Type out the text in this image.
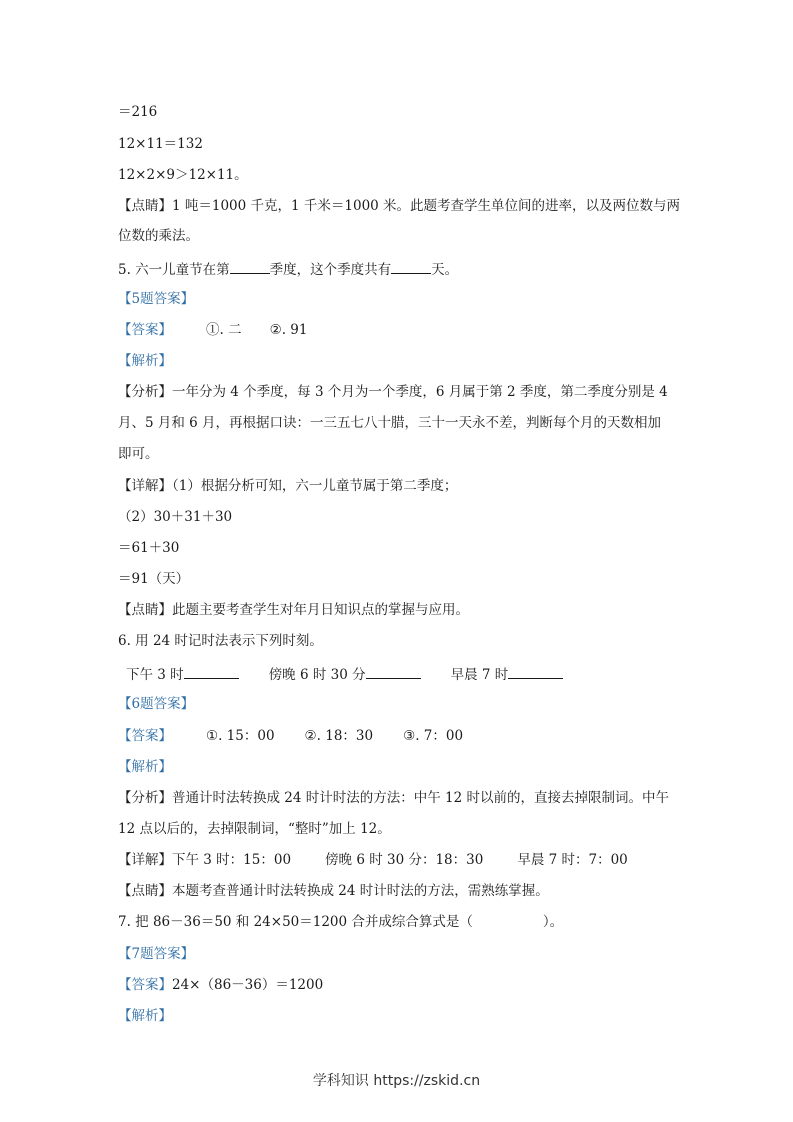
＝216
12×11＝132
12×2×9＞12×11。
【点睛】1 吨＝1000 千克，1 千米＝1000 米。此题考查学生单位间的进率，以及两位数与两
位数的乘法。
5. 六一儿童节在第	季度，这个季度共有	天。
【5题答案】
【答案】	①. 二 ②. 91
【解析】
【分析】一年分为 4 个季度，每 3 个月为一个季度，6 月属于第 2 季度，第二季度分别是 4
月、5 月和 6 月，再根据口诀：一三五七八十腊，三十一天永不差，判断每个月的天数相加
即可。
【详解】（1）根据分析可知，六一儿童节属于第二季度；
（2）30＋31＋30
＝61＋30
＝91（天）
【点睛】此题主要考查学生对年月日知识点的掌握与应用。
6. 用 24 时记时法表示下列时刻。
下午 3 时	傍晚 6 时 30 分	早晨 7 时
【6题答案】
【答案】	①. 15：00 ②. 18：30 ③. 7：00
【解析】
【分析】普通计时法转换成 24 时计时法的方法：中午 12 时以前的，直接去掉限制词。中午
12 点以后的，去掉限制词，“整时”加上 12。
【详解】下午 3 时：15：00	傍晚 6 时 30 分：18：30	早晨 7 时：7：00
【点睛】本题考查普通计时法转换成 24 时计时法的方法，需熟练掌握。
7. 把 86－36＝50 和 24×50＝1200 合并成综合算式是（	）。
【7题答案】
【答案】24×（86－36）＝1200
【解析】
学科知识 https://zskid.cn
